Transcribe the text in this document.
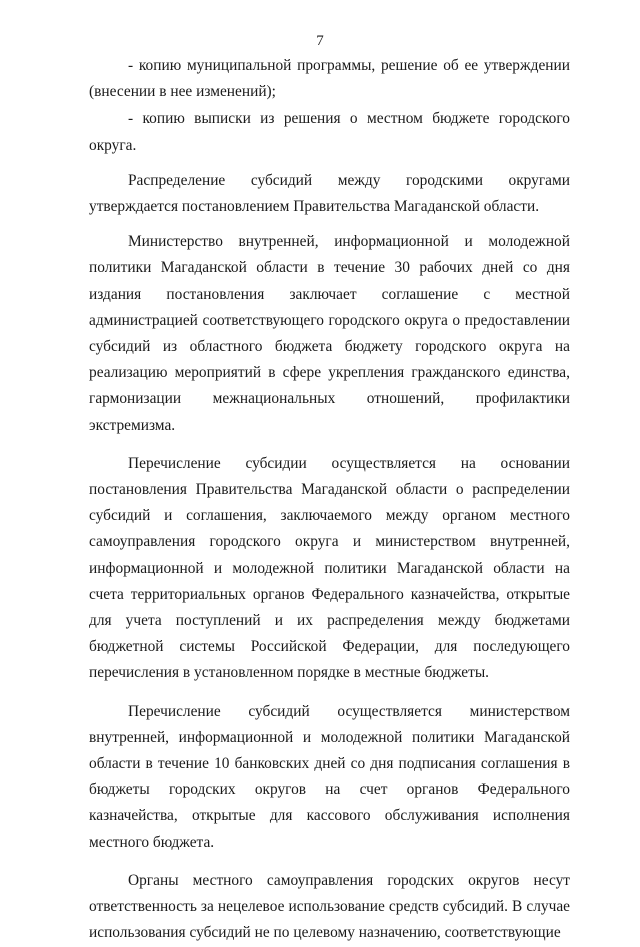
7

- копию муниципальной программы, решение об ее утверждении (внесении в нее изменений);

- копию выписки из решения о местном бюджете городского округа.

Распределение субсидий между городскими округами утверждается постановлением Правительства Магаданской области.

Министерство внутренней, информационной и молодежной политики Магаданской области в течение 30 рабочих дней со дня издания постановления заключает соглашение с местной администрацией соответствующего городского округа о предоставлении субсидий из областного бюджета бюджету городского округа на реализацию мероприятий в сфере укрепления гражданского единства, гармонизации межнациональных отношений, профилактики экстремизма.

Перечисление субсидии осуществляется на основании постановления Правительства Магаданской области о распределении субсидий и соглашения, заключаемого между органом местного самоуправления городского округа и министерством внутренней, информационной и молодежной политики Магаданской области на счета территориальных органов Федерального казначейства, открытые для учета поступлений и их распределения между бюджетами бюджетной системы Российской Федерации, для последующего перечисления в установленном порядке в местные бюджеты.

Перечисление субсидий осуществляется министерством внутренней, информационной и молодежной политики Магаданской области в течение 10 банковских дней со дня подписания соглашения в бюджеты городских округов на счет органов Федерального казначейства, открытые для кассового обслуживания исполнения местного бюджета.

Органы местного самоуправления городских округов несут ответственность за нецелевое использование средств субсидий. В случае использования субсидий не по целевому назначению, соответствующие
